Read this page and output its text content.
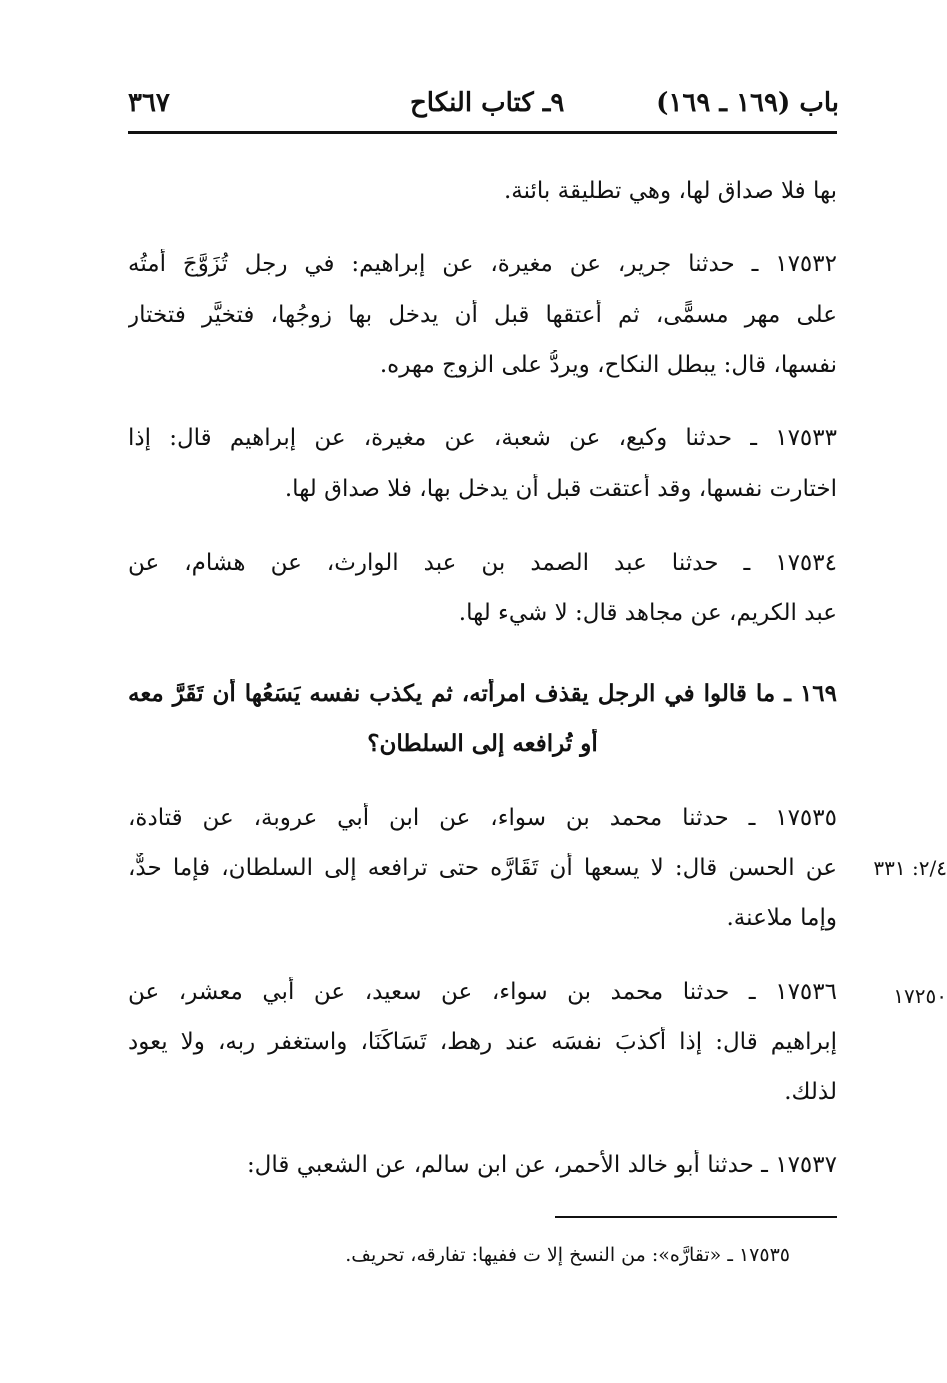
باب (١٦٩ ـ ١٦٩)
٩ـ كتاب النكاح
٣٦٧
بها فلا صداق لها، وهي تطليقة بائنة.
١٧٥٣٢ ـ حدثنا جرير، عن مغيرة، عن إبراهيم: في رجل تُزَوَّجَ أَمتُه
على مهر مسمًّى، ثم أعتقها قبل أن يدخل بها زوجُها، فتخيَّر فتختار
نفسها، قال: يبطل النكاح، ويردُّ على الزوج مهره.
١٧٥٣٣ ـ حدثنا وكيع، عن شعبة، عن مغيرة، عن إبراهيم قال: إذا
اختارت نفسها، وقد أعتقت قبل أن يدخل بها، فلا صداق لها.
١٧٥٣٤ ـ حدثنا عبد الصمد بن عبد الوارث، عن هشام، عن
عبد الكريم، عن مجاهد قال: لا شيء لها.
١٦٩ ـ ما قالوا في الرجل يقذف امرأته، ثم يكذب نفسه يَسَعُها أن تَقَرَّ معه
أو تُرافعه إلى السلطان؟
١٧٥٣٥ ـ حدثنا محمد بن سواء، عن ابن أبي عروبة، عن قتادة،
عن الحسن قال: لا يسعها أن تَقَارَّه حتى ترافعه إلى السلطان، فإما حدٌّ،
وإما ملاعنة.
١٧٥٣٦ ـ حدثنا محمد بن سواء، عن سعيد، عن أبي معشر، عن
إبراهيم قال: إذا أكذبَ نفسَه عند رهط، تَسَاكَنَا، واستغفر ربه، ولا يعود
لذلك.
١٧٥٣٧ ـ حدثنا أبو خالد الأحمر، عن ابن سالم، عن الشعبي قال:
٢/٤: ٣٣١
١٧٢٥٠
١٧٥٣٥ ـ «تقارَّه»: من النسخ إلا ت ففيها: تفارقه، تحريف.
